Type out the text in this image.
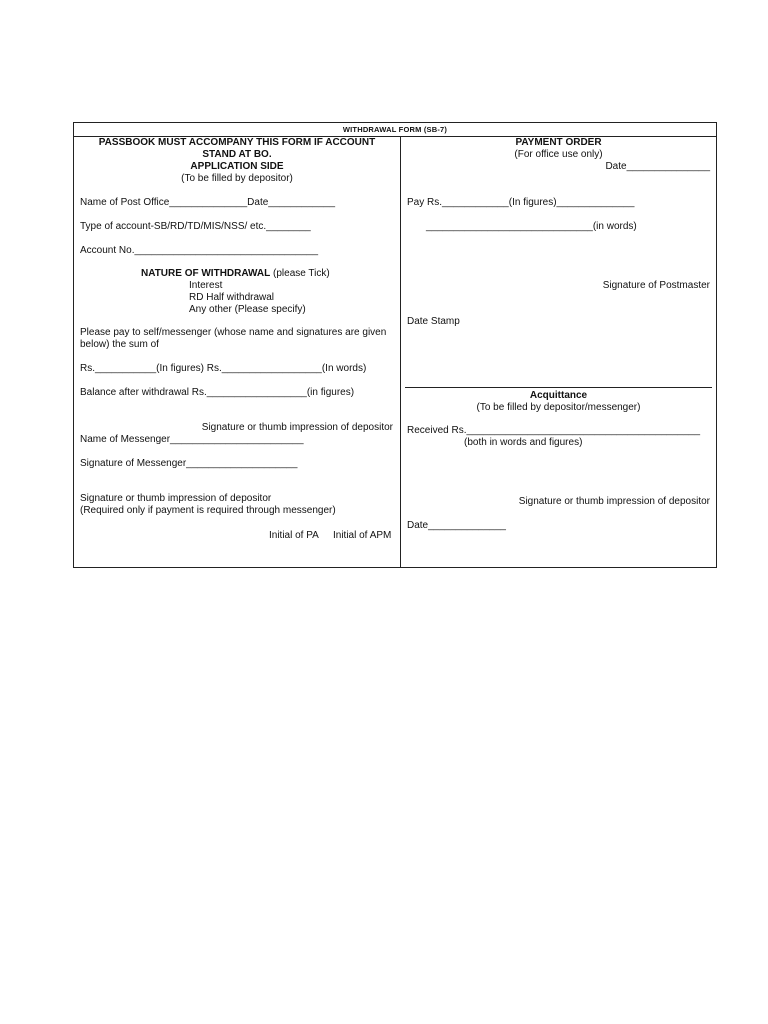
WITHDRAWAL FORM (SB-7)
PASSBOOK MUST ACCOMPANY THIS FORM IF ACCOUNT
STAND AT BO.
APPLICATION SIDE
(To be filled by depositor)
Name of Post Office______________Date____________
Type of account-SB/RD/TD/MIS/NSS/ etc.________
Account No._________________________________
NATURE OF WITHDRAWAL (please Tick)
Interest
RD Half withdrawal
Any other (Please specify)
Please pay to self/messenger (whose name and signatures are given
below) the sum of
Rs.___________(In figures) Rs.__________________(In words)
Balance after withdrawal Rs.__________________(in figures)
Signature or thumb impression of depositor
Name of Messenger________________________
Signature of Messenger____________________
Signature or thumb impression of depositor
(Required only if payment is required through messenger)
Initial of PA Initial of APM
PAYMENT ORDER
(For office use only)
Date_______________
Pay Rs.____________(In figures)______________
______________________________(in words)
Signature of Postmaster
Date Stamp
Acquittance
(To be filled by depositor/messenger)
Received Rs.__________________________________________
(both in words and figures)
Signature or thumb impression of depositor
Date______________
